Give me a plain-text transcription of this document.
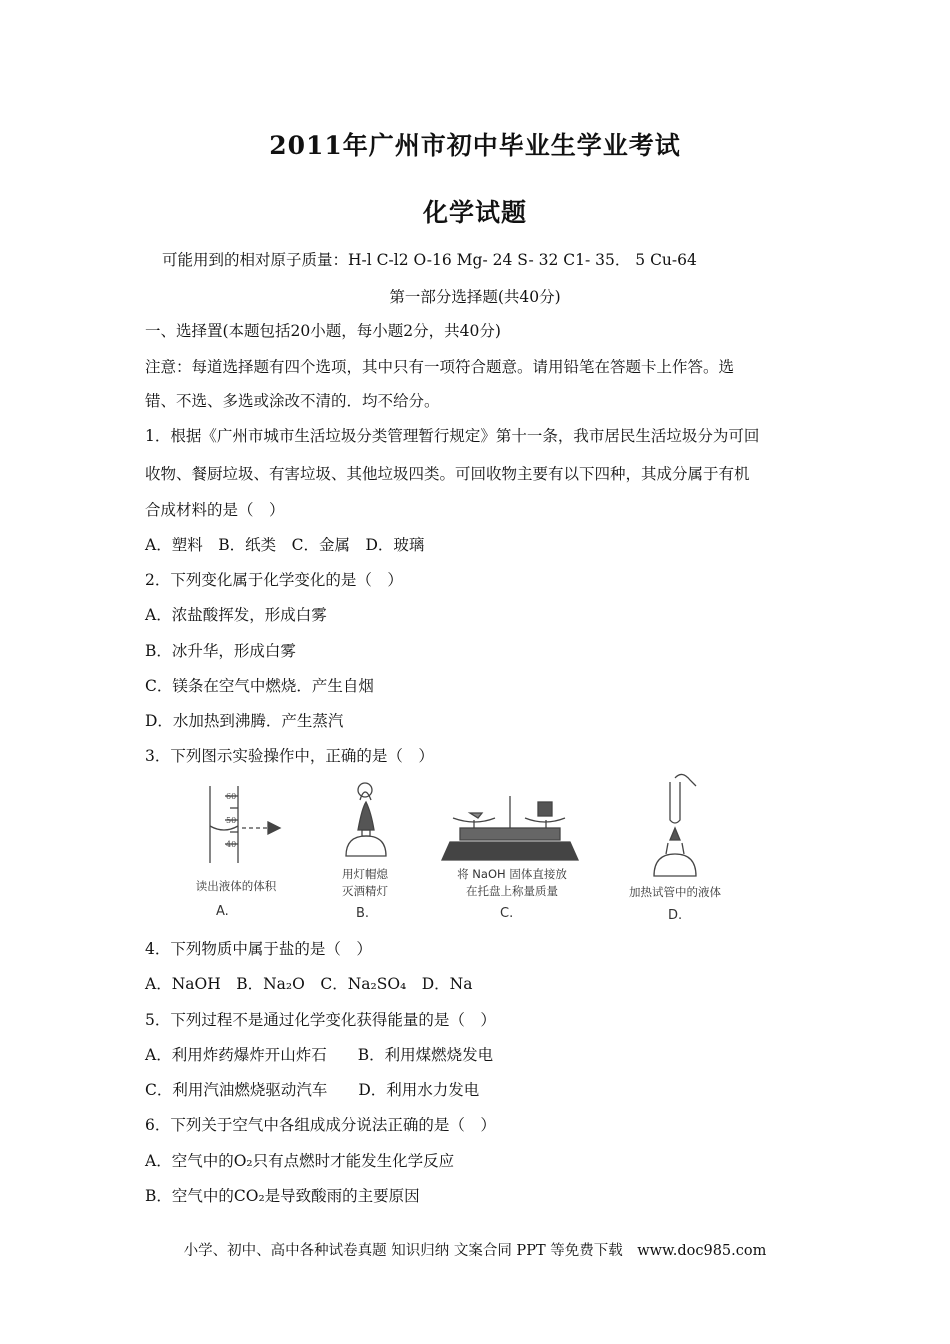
2011年广州市初中毕业生学业考试
化学试题
可能用到的相对原子质量：H-l C-l2 O-16 Mg- 24 S- 32 C1- 35． 5 Cu-64
第一部分选择题(共40分)
一、选择置(本题包括20小题，每小题2分，共40分)
注意：每道选择题有四个选项，其中只有一项符合题意。请用铅笔在答题卡上作答。选
错、不选、多选或涂改不清的．均不给分。
1．根据《广州市城市生活垃圾分类管理暂行规定》第十一条，我市居民生活垃圾分为可回
收物、餐厨垃圾、有害垃圾、其他垃圾四类。可回收物主要有以下四种，其成分属于有机
合成材料的是（　）
A．塑料　B．纸类　C．金属　D．玻璃
2．下列变化属于化学变化的是（　）
A．浓盐酸挥发，形成白雾
B．冰升华，形成白雾
C．镁条在空气中燃烧．产生自烟
D．水加热到沸腾．产生蒸汽
3．下列图示实验操作中，正确的是（　）
60
50
40
读出液体的体积
A.
用灯帽熄
灭酒精灯
B.
将 NaOH 固体直接放
在托盘上称量质量
C.
加热试管中的液体
D.
4．下列物质中属于盐的是（　）
A．NaOH　B．Na₂O　C．Na₂SO₄　D．Na
5．下列过程不是通过化学变化获得能量的是（　）
A．利用炸药爆炸开山炸石　　B．利用煤燃烧发电
C．利用汽油燃烧驱动汽车　　D．利用水力发电
6．下列关于空气中各组成成分说法正确的是（　）
A．空气中的O₂只有点燃时才能发生化学反应
B．空气中的CO₂是导致酸雨的主要原因
小学、初中、高中各种试卷真题 知识归纳 文案合同 PPT 等免费下载　www.doc985.com
